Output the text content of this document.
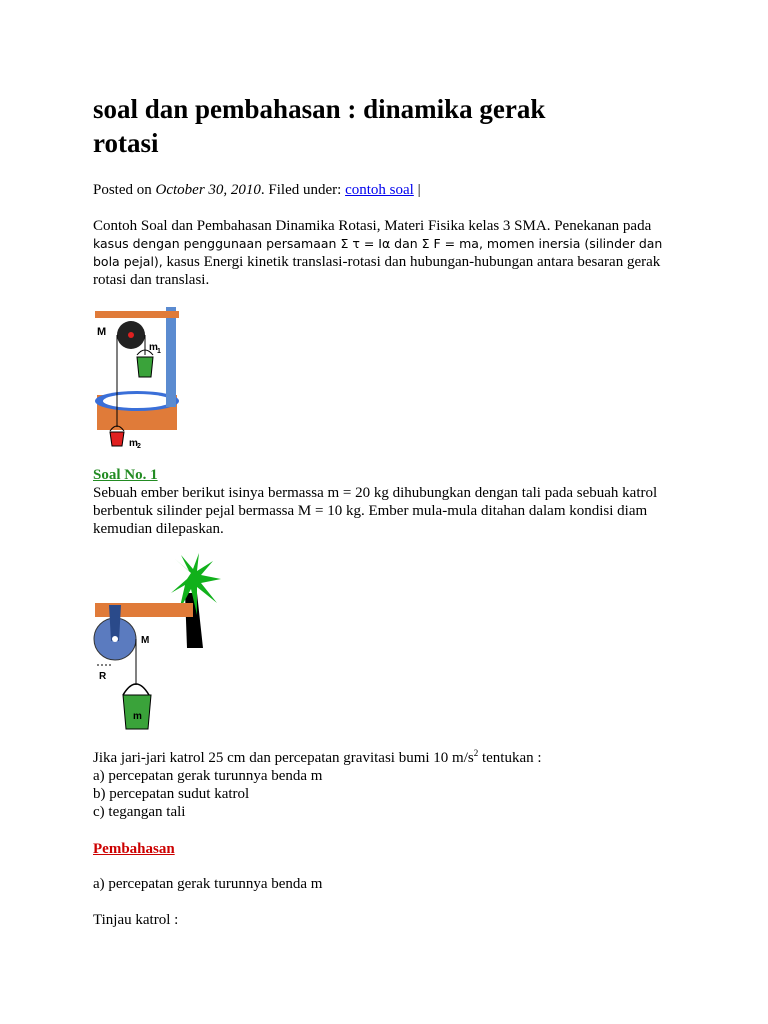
soal dan pembahasan : dinamika gerak rotasi
Posted on October 30, 2010. Filed under: contoh soal |
Contoh Soal dan Pembahasan Dinamika Rotasi, Materi Fisika kelas 3 SMA. Penekanan pada
kasus dengan penggunaan persamaan Σ τ = Iα dan Σ F = ma, momen inersia (silinder dan bola pejal), kasus Energi kinetik translasi-rotasi dan hubungan-hubungan antara besaran gerak rotasi dan translasi.
M
m 1
m 2
Soal No. 1
Sebuah ember berikut isinya bermassa m = 20 kg dihubungkan dengan tali pada sebuah katrol berbentuk silinder pejal bermassa M = 10 kg. Ember mula-mula ditahan dalam kondisi diam kemudian dilepaskan.
M
R
m
Jika jari-jari katrol 25 cm dan percepatan gravitasi bumi 10 $m/s^2$ tentukan :
a) percepatan gerak turunnya benda m
b) percepatan sudut katrol
c) tegangan tali
Pembahasan
a) percepatan gerak turunnya benda m
Tinjau katrol :
